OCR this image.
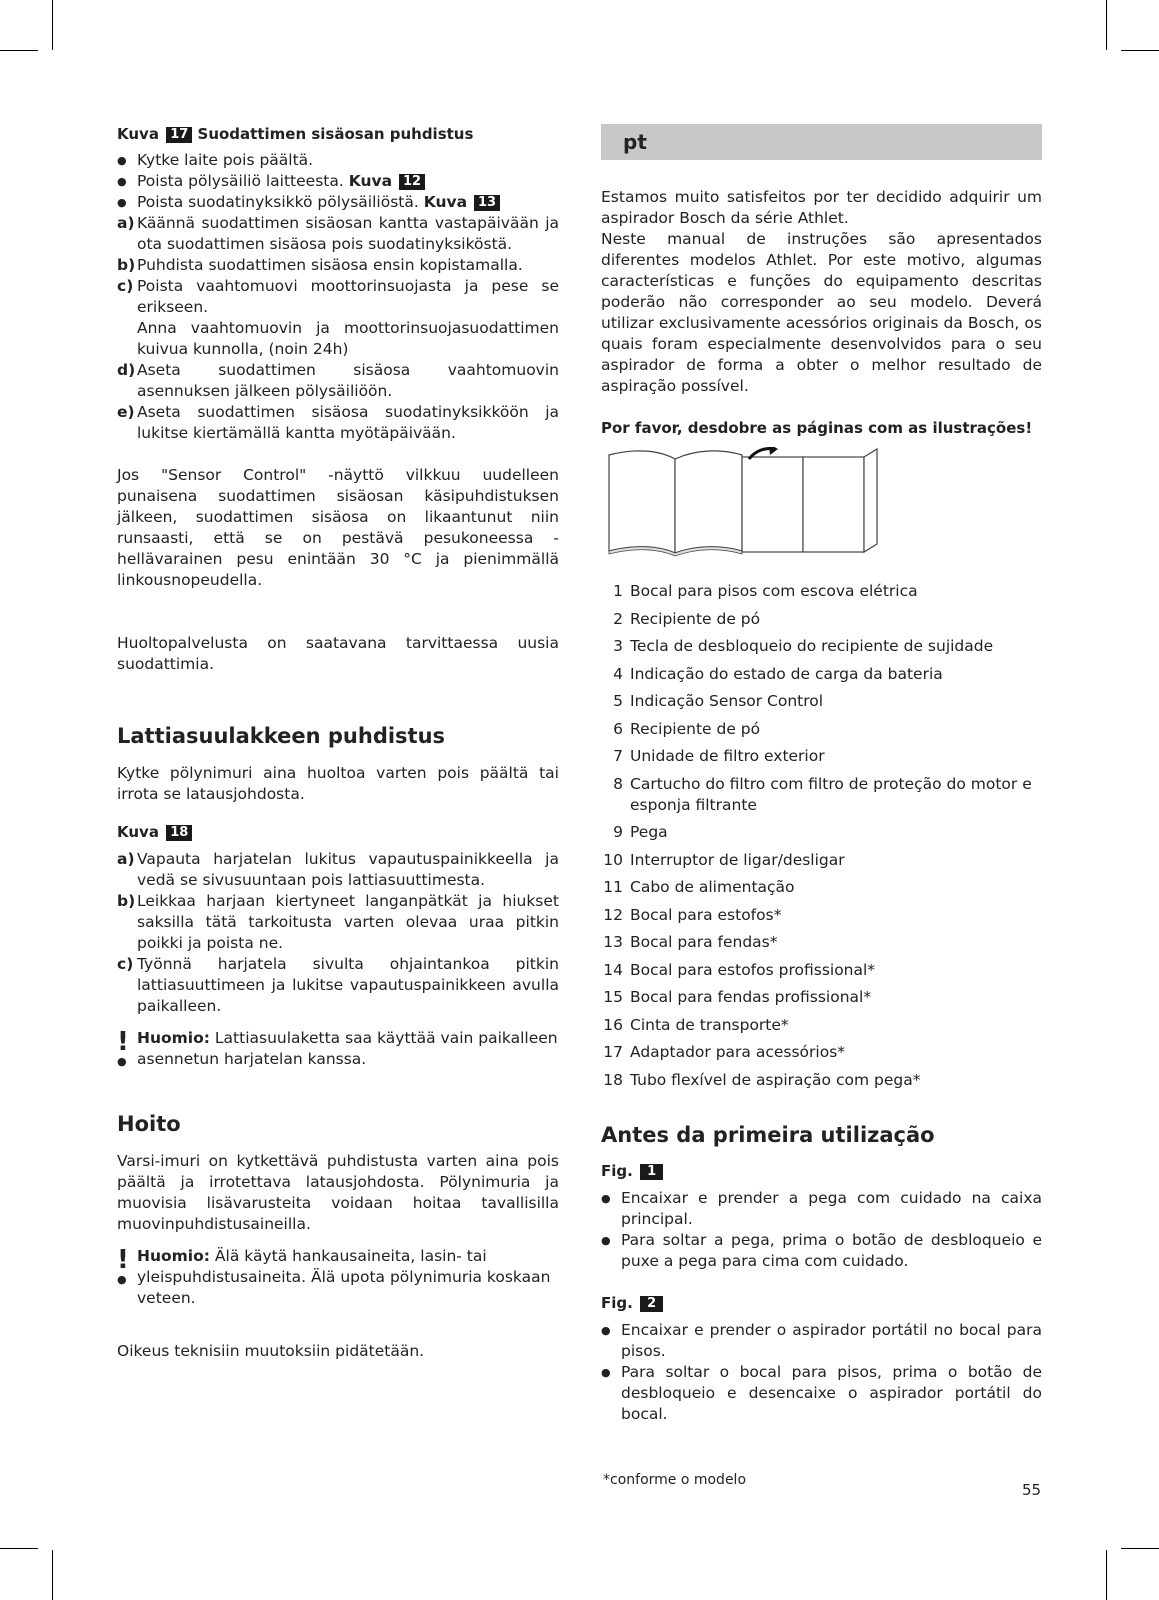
Kuva 17 Suodattimen sisäosan puhdistus
● Kytke laite pois päältä.
● Poista pölysäiliö laitteesta. Kuva 12
● Poista suodatinyksikkö pölysäiliöstä. Kuva 13
a) Käännä suodattimen sisäosan kantta vastapäivään ja ota suodattimen sisäosa pois suodatinyksiköstä.
b) Puhdista suodattimen sisäosa ensin kopistamalla.
c) Poista vaahtomuovi moottorinsuojasta ja pese se erikseen.
Anna vaahtomuovin ja moottorinsuojasuodattimen kuivua kunnolla, (noin 24h)
d) Aseta suodattimen sisäosa vaahtomuovin asennuksen jälkeen pölysäiliöön.
e) Aseta suodattimen sisäosa suodatinyksikköön ja lukitse kiertämällä kantta myötäpäivään.
Jos "Sensor Control" -näyttö vilkkuu uudelleen punaisena suodattimen sisäosan käsipuhdistuksen jälkeen, suodattimen sisäosa on likaantunut niin runsaasti, että se on pestävä pesukoneessa - hellävarainen pesu enintään 30 °C ja pienimmällä linkousnopeudella.
Huoltopalvelusta on saatavana tarvittaessa uusia suodattimia.
Lattiasuulakkeen puhdistus
Kytke pölynimuri aina huoltoa varten pois päältä tai irrota se latausjohdosta.
Kuva 18
a) Vapauta harjatelan lukitus vapautuspainikkeella ja vedä se sivusuuntaan pois lattiasuuttimesta.
b) Leikkaa harjaan kiertyneet langanpätkät ja hiukset saksilla tätä tarkoitusta varten olevaa uraa pitkin poikki ja poista ne.
c) Työnnä harjatela sivulta ohjaintankoa pitkin lattiasuuttimeen ja lukitse vapautuspainikkeen avulla paikalleen.
!
●
Huomio: Lattiasuulaketta saa käyttää vain paikalleen asennetun harjatelan kanssa.
Hoito
Varsi-imuri on kytkettävä puhdistusta varten aina pois päältä ja irrotettava latausjohdosta. Pölynimuria ja muovisia lisävarusteita voidaan hoitaa tavallisilla muovinpuhdistusaineilla.
!
●
Huomio: Älä käytä hankausaineita, lasin- tai yleispuhdistusaineita. Älä upota pölynimuria koskaan veteen.
Oikeus teknisiin muutoksiin pidätetään.
pt
Estamos muito satisfeitos por ter decidido adquirir um aspirador Bosch da série Athlet.
Neste manual de instruções são apresentados diferentes modelos Athlet. Por este motivo, algumas características e funções do equipamento descritas poderão não corresponder ao seu modelo. Deverá utilizar exclusivamente acessórios originais da Bosch, os quais foram especialmente desenvolvidos para o seu aspirador de forma a obter o melhor resultado de aspiração possível.
Por favor, desdobre as páginas com as ilustrações!
1 Bocal para pisos com escova elétrica
2 Recipiente de pó
3 Tecla de desbloqueio do recipiente de sujidade
4 Indicação do estado de carga da bateria
5 Indicação Sensor Control
6 Recipiente de pó
7 Unidade de filtro exterior
8 Cartucho do filtro com filtro de proteção do motor e esponja filtrante
9 Pega
10 Interruptor de ligar/desligar
11 Cabo de alimentação
12 Bocal para estofos*
13 Bocal para fendas*
14 Bocal para estofos profissional*
15 Bocal para fendas profissional*
16 Cinta de transporte*
17 Adaptador para acessórios*
18 Tubo flexível de aspiração com pega*
Antes da primeira utilização
Fig. 1
● Encaixar e prender a pega com cuidado na caixa principal.
● Para soltar a pega, prima o botão de desbloqueio e puxe a pega para cima com cuidado.
Fig. 2
● Encaixar e prender o aspirador portátil no bocal para pisos.
● Para soltar o bocal para pisos, prima o botão de desbloqueio e desencaixe o aspirador portátil do bocal.
*conforme o modelo
55
